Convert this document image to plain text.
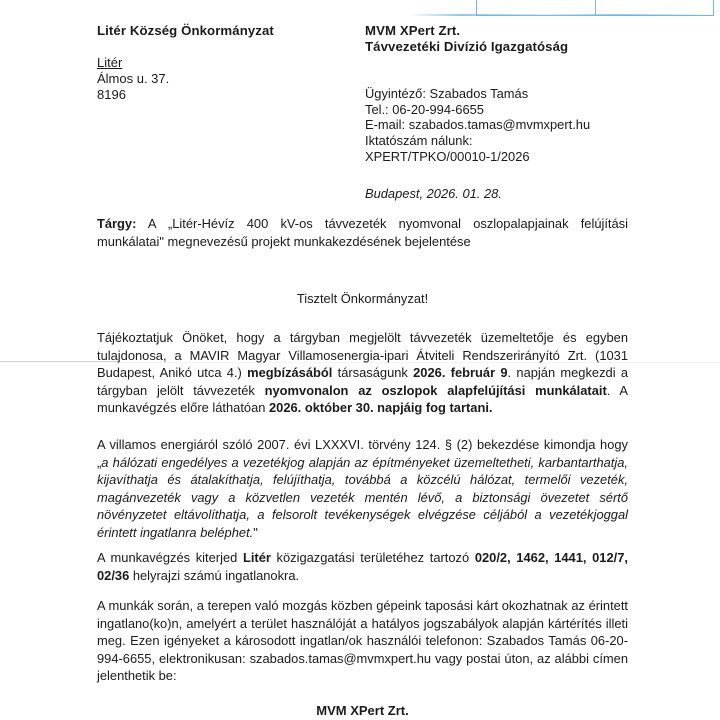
Litér Község Önkormányzat
Litér
Álmos u. 37.
8196
MVM XPert Zrt.
Távvezetéki Divízió Igazgatóság
Ügyintéző: Szabados Tamás
Tel.: 06-20-994-6655
E-mail: szabados.tamas@mvmxpert.hu
Iktatószám nálunk:
XPERT/TPKO/00010-1/2026
Budapest, 2026. 01. 28.
Tárgy: A „Litér-Hévíz 400 kV-os távvezeték nyomvonal oszlopalapjainak felújítási munkálatai" megnevezésű projekt munkakezdésének bejelentése
Tisztelt Önkormányzat!
Tájékoztatjuk Önöket, hogy a tárgyban megjelölt távvezeték üzemeltetője és egyben tulajdonosa, a MAVIR Magyar Villamosenergia-ipari Átviteli Rendszerirányító Zrt. (1031 Budapest, Anikó utca 4.) megbízásából társaságunk 2026. február 9. napján megkezdi a tárgyban jelölt távvezeték nyomvonalon az oszlopok alapfelújítási munkálatait. A munkavégzés előre láthatóan 2026. október 30. napjáig fog tartani.
A villamos energiáról szóló 2007. évi LXXXVI. törvény 124. § (2) bekezdése kimondja hogy „a hálózati engedélyes a vezetékjog alapján az építményeket üzemeltetheti, karbantarthatja, kijavíthatja és átalakíthatja, felújíthatja, továbbá a közcélú hálózat, termelői vezeték, magánvezeték vagy a közvetlen vezeték mentén lévő, a biztonsági övezetet sértő növényzetet eltávolíthatja, a felsorolt tevékenységek elvégzése céljából a vezetékjoggal érintett ingatlanra beléphet."
A munkavégzés kiterjed Litér közigazgatási területéhez tartozó 020/2, 1462, 1441, 012/7, 02/36 helyrajzi számú ingatlanokra.
A munkák során, a terepen való mozgás közben gépeink taposási kárt okozhatnak az érintett ingatlano(ko)n, amelyért a terület használóját a hatályos jogszabályok alapján kártérítés illeti meg. Ezen igényeket a károsodott ingatlan/ok használói telefonon: Szabados Tamás 06-20-994-6655, elektronikusan: szabados.tamas@mvmxpert.hu vagy postai úton, az alábbi címen jelenthetik be:
MVM XPert Zrt.
